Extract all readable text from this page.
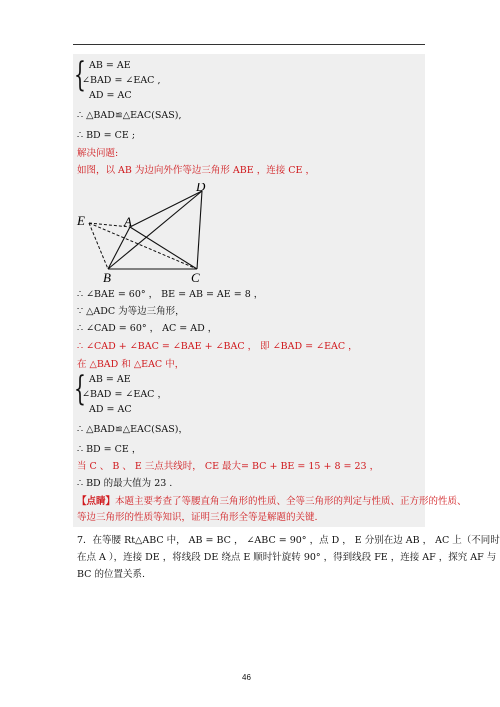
{ AB = AE
∠BAD = ∠EAC ,
AD = AC
∴ △BAD≌△EAC(SAS),
∴ BD = CE ;
解决问题:
如图，以 AB 为边向外作等边三角形 ABE ，连接 CE ，
D
A
E
B	C
∴ ∠BAE = 60° ， BE = AB = AE = 8 ，
∵ △ADC 为等边三角形，
∴ ∠CAD = 60° ， AC = AD ，
∴ ∠CAD + ∠BAC = ∠BAE + ∠BAC ， 即 ∠BAD = ∠EAC ，
在 △BAD 和 △EAC 中，
{ AB = AE
∠BAD = ∠EAC ，
AD = AC
∴ △BAD≌△EAC(SAS)，
∴ BD = CE ，
当 C 、 B 、 E 三点共线时， CE 最大= BC + BE = 15 + 8 = 23 ，
∴ BD 的最大值为 23 .
【点睛】本题主要考查了等腰直角三角形的性质、全等三角形的判定与性质、正方形的性质、
等边三角形的性质等知识，证明三角形全等是解题的关键.
7．在等腰 Rt△ABC 中， AB = BC ， ∠ABC = 90° ，点 D ， E 分别在边 AB ， AC 上（不同时
在点 A ），连接 DE ，将线段 DE 绕点 E 顺时针旋转 90° ，得到线段 FE ，连接 AF ，探究 AF 与
BC 的位置关系.
46
